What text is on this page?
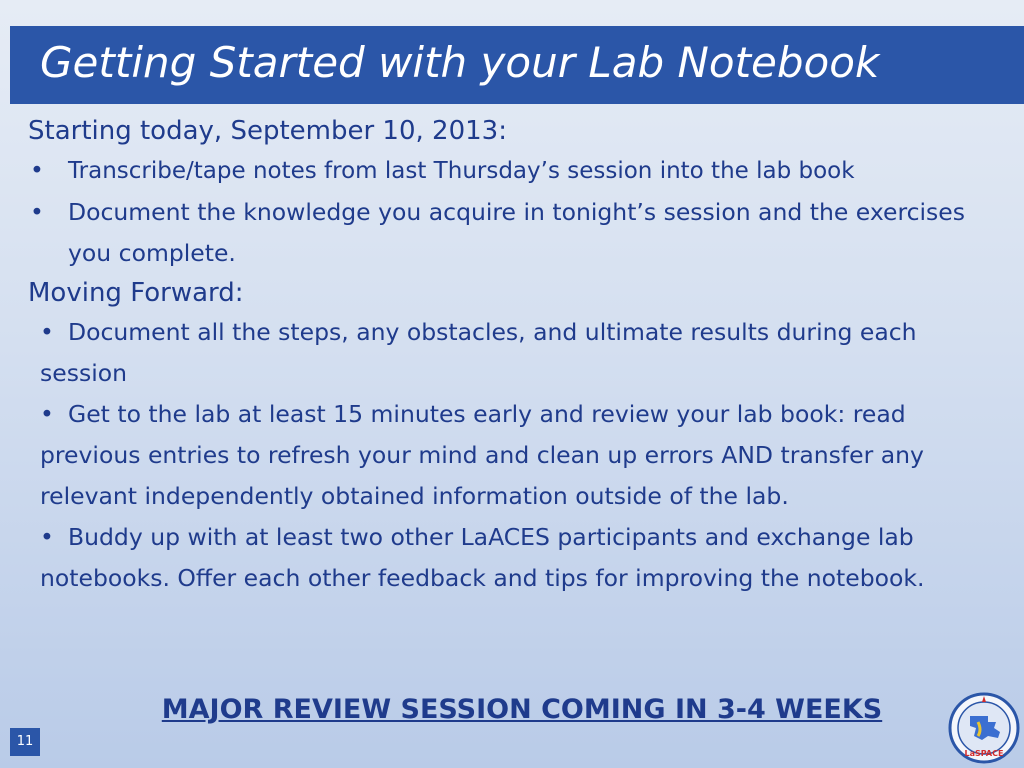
Getting Started with your Lab Notebook
Starting today, September 10, 2013:
• Transcribe/tape notes from last Thursday’s session into the lab book
• Document the knowledge you acquire in tonight’s session and the exercises you complete.
Moving Forward:
• Document all the steps, any obstacles, and ultimate results during each session
• Get to the lab at least 15 minutes early and review your lab book: read previous entries to refresh your mind and clean up errors AND transfer any relevant independently obtained information outside of the lab.
• Buddy up with at least two other LaACES participants and exchange lab notebooks. Offer each other feedback and tips for improving the notebook.
MAJOR REVIEW SESSION COMING IN 3-4 WEEKS
11
LaSPACE
